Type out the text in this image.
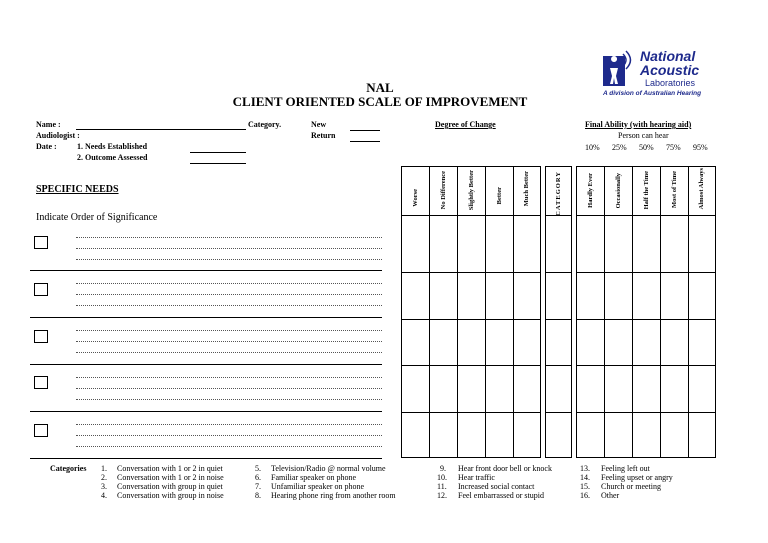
National
Acoustic
Laboratories
A division of Australian Hearing
NAL
CLIENT ORIENTED SCALE OF IMPROVEMENT
Name :
Audiologist :
Date :	1. Needs Established
2. Outcome Assessed
Category.	New
Return
Degree of Change	Final Ability (with hearing aid)
Person can hear
10% 25% 50% 75% 95%
SPECIFIC NEEDS
Indicate Order of Significance
Worse	No Difference	Slightly Better	Better	Much Better	CATEGORY	Hardly Ever	Occasionally	Half the Time	Most of Time	Almost Always
Categories 1. Conversation with 1 or 2 in quiet
2. Conversation with 1 or 2 in noise
3. Conversation with group in quiet
4. Conversation with group in noise
5. Television/Radio @ normal volume
6. Familiar speaker on phone
7. Unfamiliar speaker on phone
8. Hearing phone ring from another room
9. Hear front door bell or knock
10. Hear traffic
11. Increased social contact
12. Feel embarrassed or stupid
13. Feeling left out
14. Feeling upset or angry
15. Church or meeting
16. Other
